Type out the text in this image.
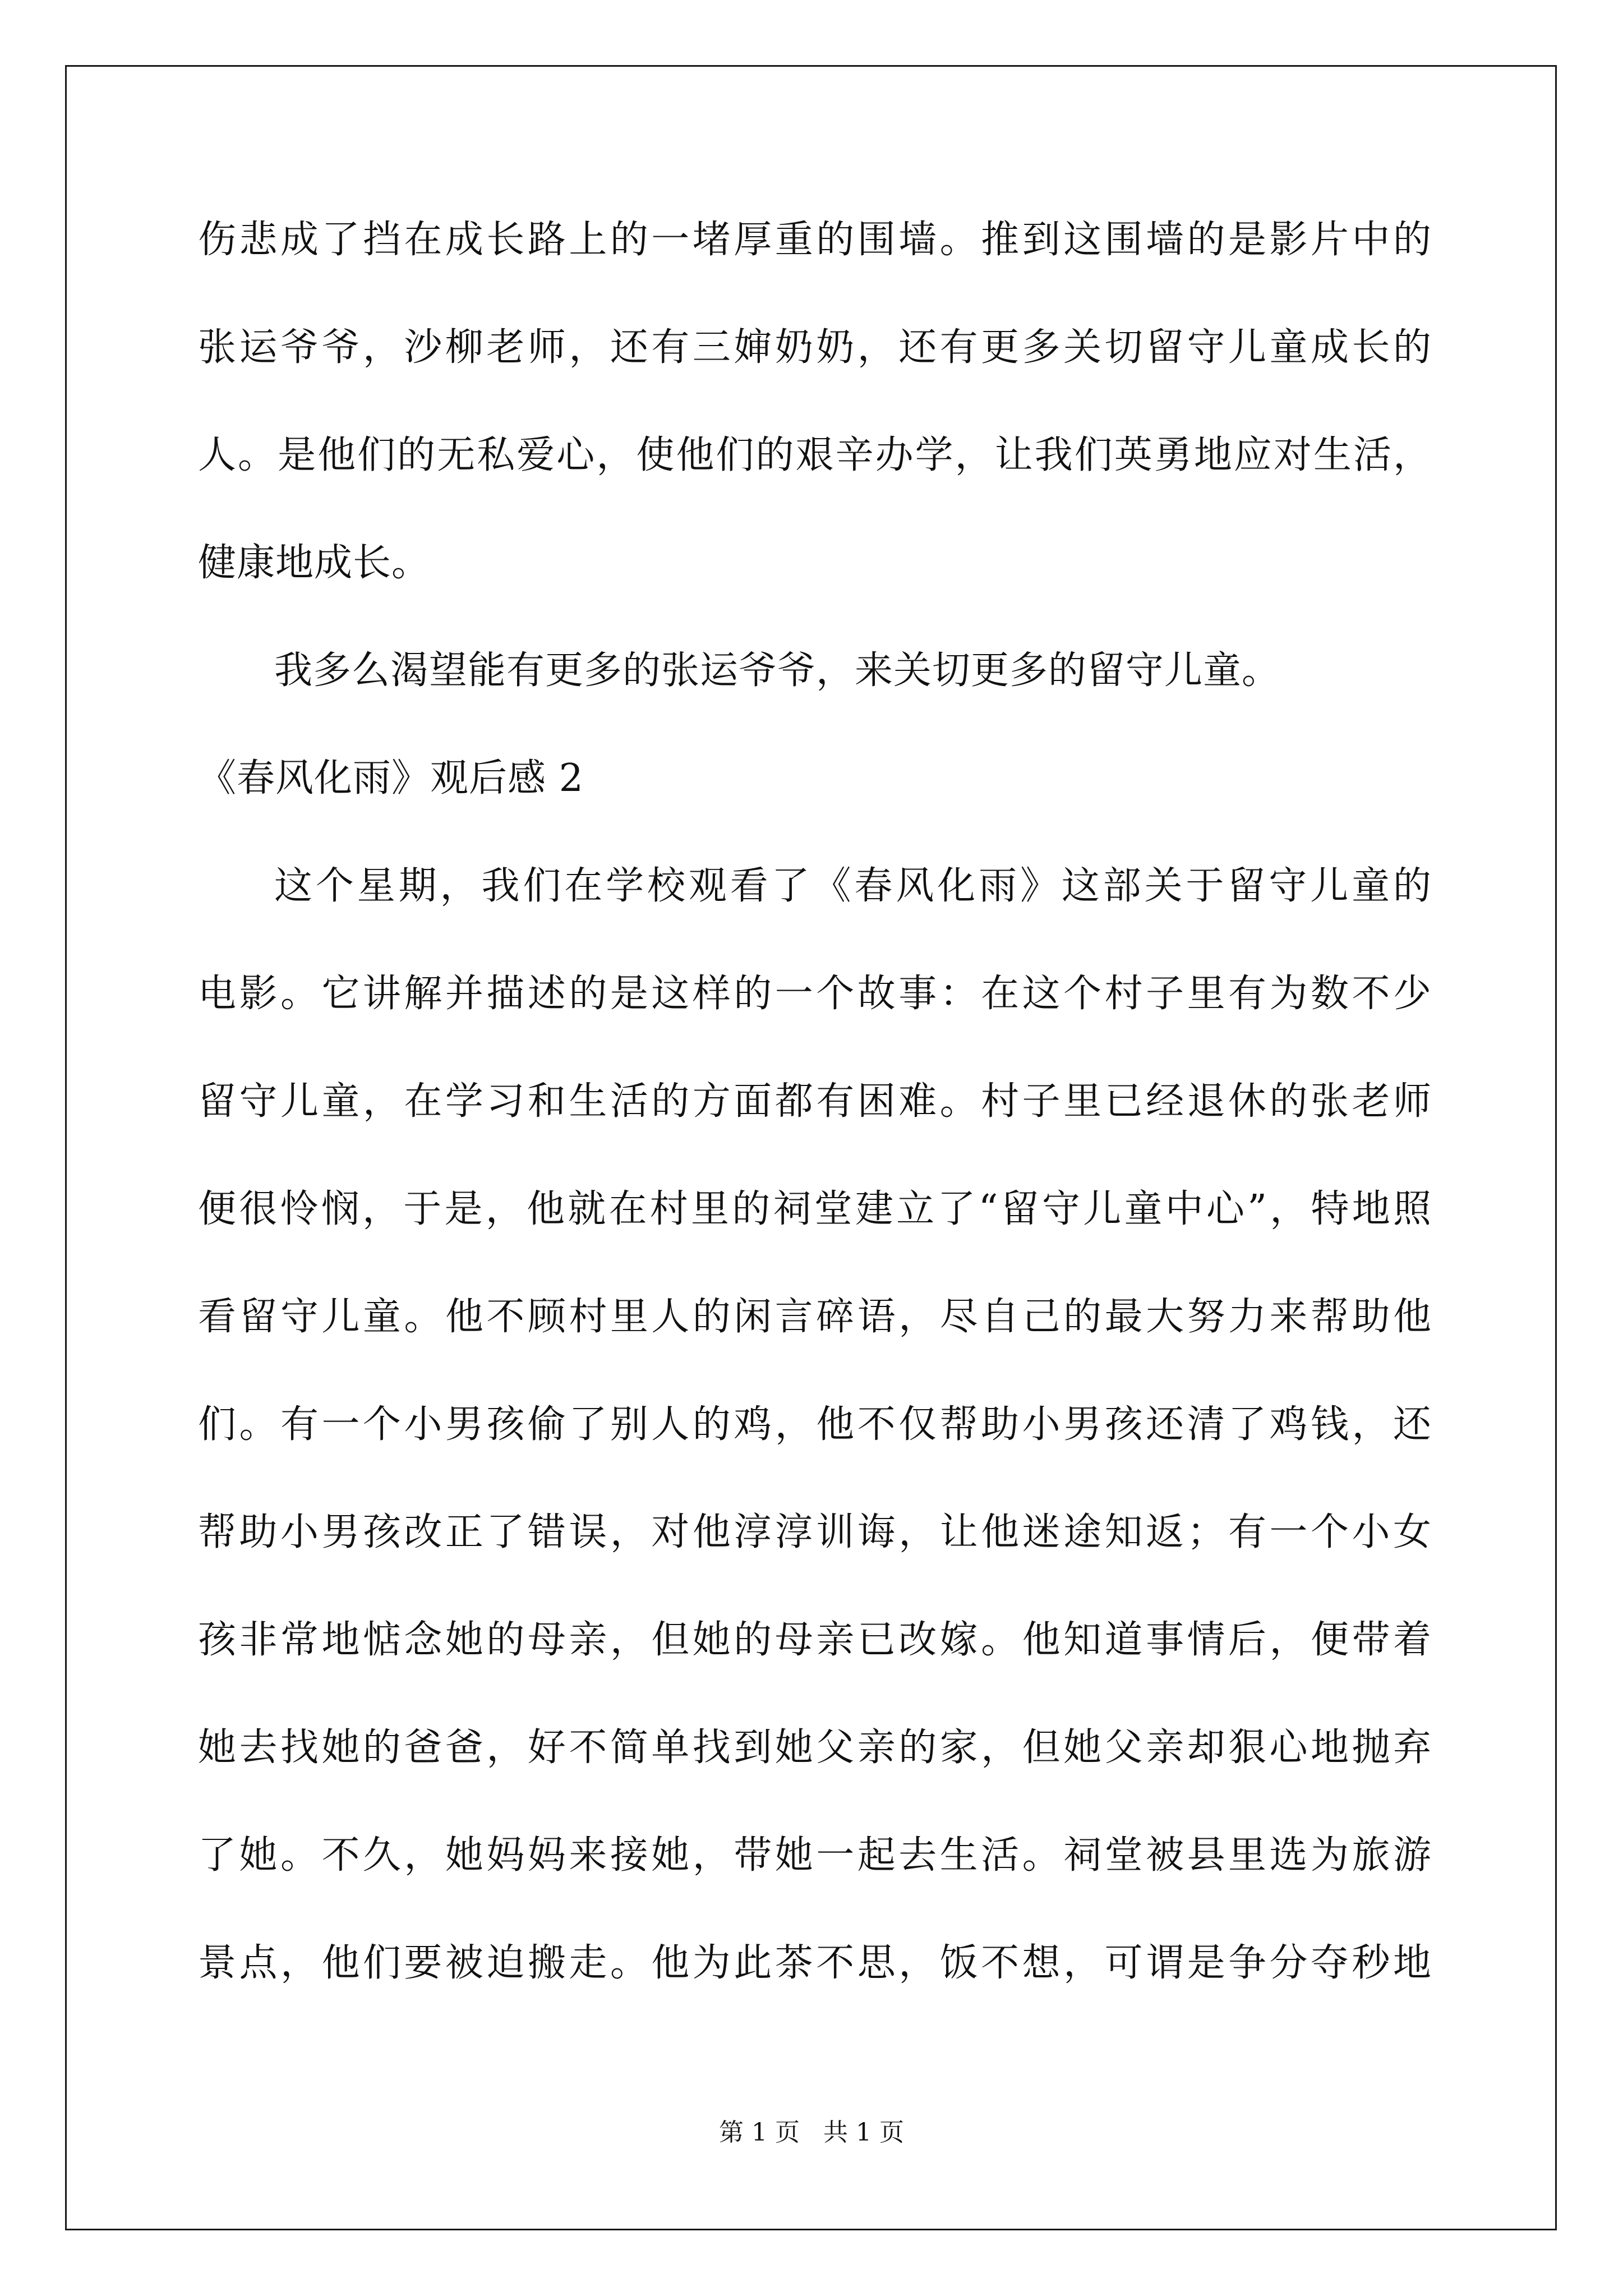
伤悲成了挡在成长路上的一堵厚重的围墙。推到这围墙的是影片中的
张运爷爷，沙柳老师，还有三婶奶奶，还有更多关切留守儿童成长的
人。是他们的无私爱心，使他们的艰辛办学，让我们英勇地应对生活，
健康地成长。
我多么渴望能有更多的张运爷爷，来关切更多的留守儿童。
《春风化雨》观后感 2
这个星期，我们在学校观看了《春风化雨》这部关于留守儿童的
电影。它讲解并描述的是这样的一个故事：在这个村子里有为数不少
留守儿童，在学习和生活的方面都有困难。村子里已经退休的张老师
便很怜悯，于是，他就在村里的祠堂建立了“留守儿童中心”，特地照
看留守儿童。他不顾村里人的闲言碎语，尽自己的最大努力来帮助他
们。有一个小男孩偷了别人的鸡，他不仅帮助小男孩还清了鸡钱，还
帮助小男孩改正了错误，对他淳淳训诲，让他迷途知返；有一个小女
孩非常地惦念她的母亲，但她的母亲已改嫁。他知道事情后，便带着
她去找她的爸爸，好不简单找到她父亲的家，但她父亲却狠心地抛弃
了她。不久，她妈妈来接她，带她一起去生活。祠堂被县里选为旅游
景点，他们要被迫搬走。他为此茶不思，饭不想，可谓是争分夺秒地
第 1 页 共 1 页
